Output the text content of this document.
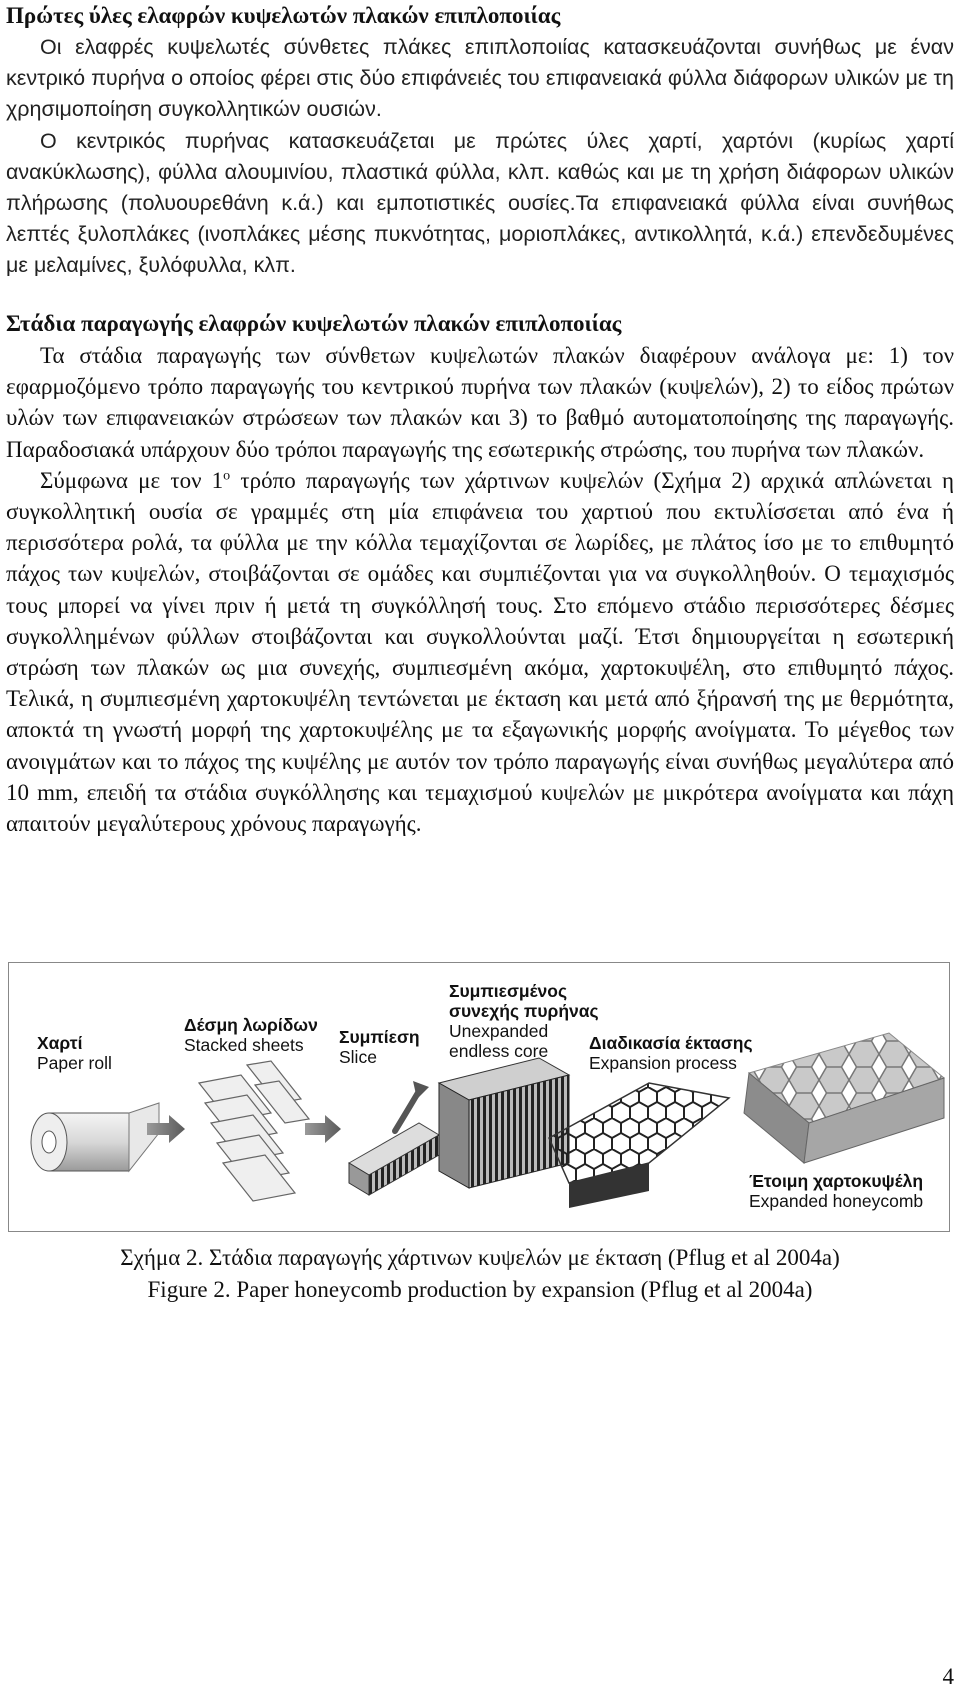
Πρώτες ύλες ελαφρών κυψελωτών πλακών επιπλοποιίας

Οι ελαφρές κυψελωτές σύνθετες πλάκες επιπλοποιίας κατασκευάζονται συνήθως με έναν κεντρικό πυρήνα ο οποίος φέρει στις δύο επιφάνειές του επιφανειακά φύλλα διάφορων υλικών με τη χρησιμοποίηση συγκολλητικών ουσιών.

Ο κεντρικός πυρήνας κατασκευάζεται με πρώτες ύλες χαρτί, χαρτόνι (κυρίως χαρτί ανακύκλωσης), φύλλα αλουμινίου, πλαστικά φύλλα, κλπ. καθώς και με τη χρήση διάφορων υλικών πλήρωσης (πολυουρεθάνη κ.ά.) και εμποτιστικές ουσίες.Τα επιφανειακά φύλλα είναι συνήθως λεπτές ξυλοπλάκες (ινοπλάκες μέσης πυκνότητας, μοριοπλάκες, αντικολλητά, κ.ά.) επενδεδυμένες με μελαμίνες, ξυλόφυλλα, κλπ.

Στάδια παραγωγής ελαφρών κυψελωτών πλακών επιπλοποιίας

Τα στάδια παραγωγής των σύνθετων κυψελωτών πλακών διαφέρουν ανάλογα με: 1) τον εφαρμοζόμενο τρόπο παραγωγής του κεντρικού πυρήνα των πλακών (κυψελών), 2) το είδος πρώτων υλών των επιφανειακών στρώσεων των πλακών και 3) το βαθμό αυτοματοποίησης της παραγωγής. Παραδοσιακά υπάρχουν δύο τρόποι παραγωγής της εσωτερικής στρώσης, του πυρήνα των πλακών.

Σύμφωνα με τον $1^o$ τρόπο παραγωγής των χάρτινων κυψελών (Σχήμα 2) αρχικά απλώνεται η συγκολλητική ουσία σε γραμμές στη μία επιφάνεια του χαρτιού που εκτυλίσσεται από ένα ή περισσότερα ρολά, τα φύλλα με την κόλλα τεμαχίζονται σε λωρίδες, με πλάτος ίσο με το επιθυμητό πάχος των κυψελών, στοιβάζονται σε ομάδες και συμπιέζονται για να συγκολληθούν. Ο τεμαχισμός τους μπορεί να γίνει πριν ή μετά τη συγκόλλησή τους. Στο επόμενο στάδιο περισσότερες δέσμες συγκολλημένων φύλλων στοιβάζονται και συγκολλούνται μαζί. Έτσι δημιουργείται η εσωτερική στρώση των πλακών ως μια συνεχής, συμπιεσμένη ακόμα, χαρτοκυψέλη, στο επιθυμητό πάχος. Τελικά, η συμπιεσμένη χαρτοκυψέλη τεντώνεται με έκταση και μετά από ξήρανσή της με θερμότητα, αποκτά τη γνωστή μορφή της χαρτοκυψέλης με τα εξαγωνικής μορφής ανοίγματα. Το μέγεθος των ανοιγμάτων και το πάχος της κυψέλης με αυτόν τον τρόπο παραγωγής είναι συνήθως μεγαλύτερα από 10 mm, επειδή τα στάδια συγκόλλησης και τεμαχισμού κυψελών με μικρότερα ανοίγματα και πάχη απαιτούν μεγαλύτερους χρόνους παραγωγής.

Χαρτί
Paper roll
Δέσμη λωρίδων
Stacked sheets	Συμπίεση
Slice
Συμπιεσμένος
συνεχής πυρήνας
Unexpanded
endless core	Διαδικασία έκτασης
Expansion process
Έτοιμη χαρτοκυψέλη
Expanded honeycomb
Σχήμα 2. Στάδια παραγωγής χάρτινων κυψελών με έκταση (Pflug et al 2004a)
Figure 2. Paper honeycomb production by expansion (Pflug et al 2004a)
4
